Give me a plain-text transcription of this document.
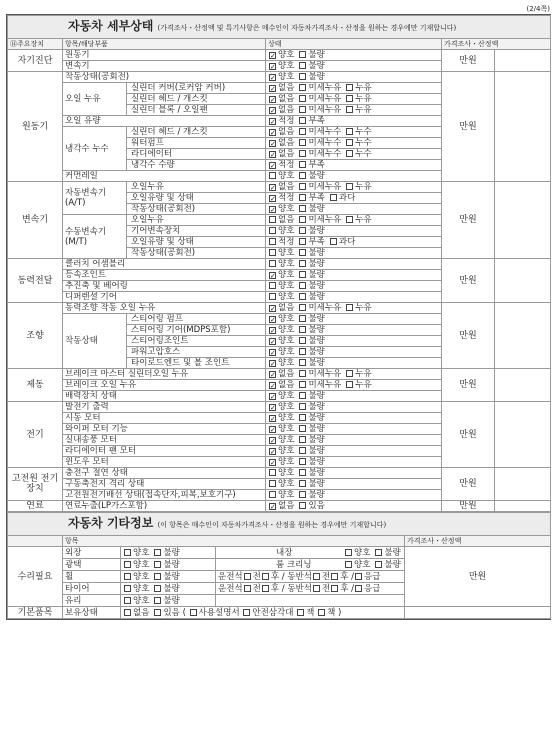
(2/4쪽)
자동차 세부상태 (가격조사・산정액 및 특기사항은 매수인이 자동차가격조사・산정을 원하는 경우에만 기재합니다)					
⑭주요장치	항목/해당부품		상태	가격조사・산정액	
자기진단	원동기	✓양호 불량	만원	
	변속기	✓양호 불량
원동기	작동상태(공회전)	✓양호 불량	만원	
	오일 누유	실린더 커버(로커암 커버)	✓없음 미세누유 누유
		실린더 헤드 / 개스킷	✓없음 미세누유 누유
		실린더 블록 / 오일팬	✓없음 미세누유 누유
	오일 유량	✓적정 부족
	냉각수 누수	실린더 헤드 / 개스킷	✓없음 미세누수 누수
		워터펌프	✓없음 미세누수 누수
		라디에이터	✓없음 미세누수 누수
		냉각수 수량	✓적정 부족
	커먼레일		양호 불량		
변속기	자동변속기 (A/T)	오일누유	✓없음 미세누유 누유	만원	
		오일유량 및 상태	✓적정 부족 과다
		작동상태(공회전)	✓양호 불량
	수동변속기 (M/T)	오일누유	없음 미세누유 누유		
		기어변속장치	양호 불량		
		오일유량 및 상태	적정 부족 과다		
		작동상태(공회전)	양호 불량		
동력전달	클러치 어셈블리		양호 불량	만원	
	등속조인트	✓양호 불량
	추진축 및 베어링		양호 불량		
	디퍼렌셜 기어		양호 불량		
조향	동력조향 작동 오일 누유	✓없음 미세누유 누유	만원	
	작동상태	스티어링 펌프	✓양호 불량
		스티어링 기어(MDPS포함)	✓양호 불량
		스티어링조인트	✓양호 불량
		파워고압호스	✓양호 불량
		타이로드엔드 및 볼 조인트	✓양호 불량
제동	브레이크 마스터 실린더오일 누유	✓없음 미세누유 누유	만원	
	브레이크 오일 누유	✓없음 미세누유 누유
	배력장치 상태	✓양호 불량
전기	발전기 출력	✓양호 불량	만원	
	시동 모터	✓양호 불량
	와이퍼 모터 기능	✓양호 불량
	실내송풍 모터	✓양호 불량
	라디에이터 팬 모터	✓양호 불량
	윈도우 모터	✓양호 불량
고전원 전기장치	충전구 절연 상태		양호 불량	만원	
	구동축전지 격리 상태		양호 불량		
	고전원전기배선 상태(접속단자,피복,보호기구)		양호 불량		
연료	연료누출(LP가스포함)	✓없음 있음	만원	
자동차 기타정보 (이 항목은 매수인이 자동차가격조사・산정을 원하는 경우에만 기재합니다)				
	항목			가격조사・산정액
수리필요	외장	양호 불량	내장 양호 불량	만원
	광택	양호 불량	룸 크리닝 양호 불량	
	휠	양호 불량	운전석 전 후 / 동반석 전 후 / 응급	
	타이어	양호 불량	운전석 전 후 / 동반석 전 후 / 응급	
	유리	양호 불량		
기본품목	보유상태	없음 있음 ( 사용설명서 안전삼각대 잭 책 )		
